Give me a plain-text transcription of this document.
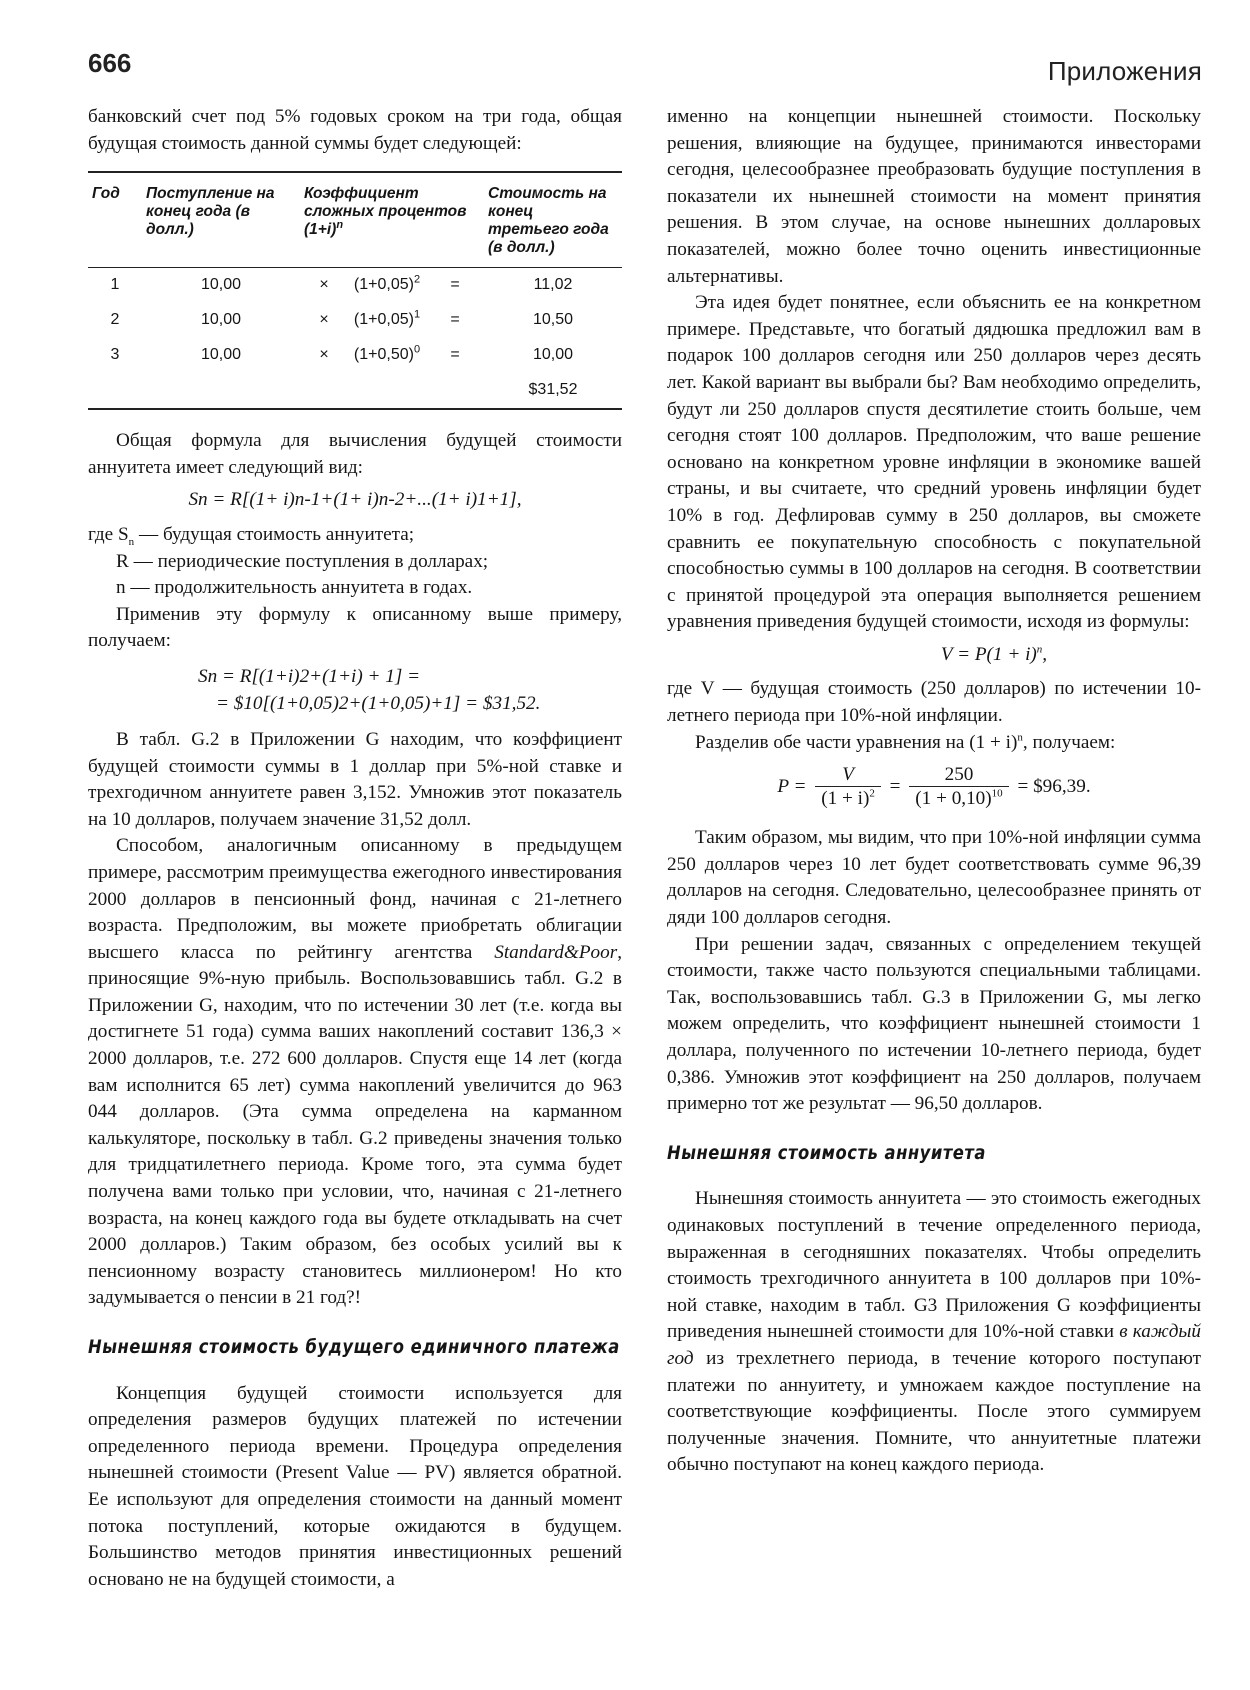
666	Приложения

банковский счет под 5% годовых сроком на три года, общая будущая стоимость данной суммы будет следующей:

Год	Поступление на конец года (в долл.)	Коэффициент сложных процентов $(1+i)^n$			Стоимость на конец третьего года (в долл.)
1	10,00	×	$(1+0,05)^2$	=	11,02
2	10,00	×	$(1+0,05)^1$	=	10,50
3	10,00	×	$(1+0,50)^0$	=	10,00
					$31,52

Общая формула для вычисления будущей стоимости аннуитета имеет следующий вид:

Sn = R[(1+ i)n-1+(1+ i)n-2+...(1+ i)1+1],

где $S_n$ — будущая стоимость аннуитета;

R — периодические поступления в долларах;

n — продолжительность аннуитета в годах.

Применив эту формулу к описанному выше примеру, получаем:

Sn = R[(1+i)2+(1+i) + 1] =
= $10[(1+0,05)2+(1+0,05)+1] = $31,52.

В табл. G.2 в Приложении G находим, что коэффициент будущей стоимости суммы в 1 доллар при 5%-ной ставке и трехгодичном аннуитете равен 3,152. Умножив этот показатель на 10 долларов, получаем значение 31,52 долл.

Способом, аналогичным описанному в предыдущем примере, рассмотрим преимущества ежегодного инвестирования 2000 долларов в пенсионный фонд, начиная с 21-летнего возраста. Предположим, вы можете приобретать облигации высшего класса по рейтингу агентства Standard&Poor, приносящие 9%-ную прибыль. Воспользовавшись табл. G.2 в Приложении G, находим, что по истечении 30 лет (т.е. когда вы достигнете 51 года) сумма ваших накоплений составит 136,3 × 2000 долларов, т.е. 272 600 долларов. Спустя еще 14 лет (когда вам исполнится 65 лет) сумма накоплений увеличится до 963 044 долларов. (Эта сумма определена на карманном калькуляторе, поскольку в табл. G.2 приведены значения только для тридцатилетнего периода. Кроме того, эта сумма будет получена вами только при условии, что, начиная с 21-летнего возраста, на конец каждого года вы будете откладывать на счет 2000 долларов.) Таким образом, без особых усилий вы к пенсионному возрасту становитесь миллионером! Но кто задумывается о пенсии в 21 год?!

Нынешняя стоимость будущего единичного платежа

Концепция будущей стоимости используется для определения размеров будущих платежей по истечении определенного периода времени. Процедура определения нынешней стоимости (Present Value — PV) является обратной. Ее используют для определения стоимости на данный момент потока поступлений, которые ожидаются в будущем. Большинство методов принятия инвестиционных решений основано не на будущей стоимости, а

именно на концепции нынешней стоимости. Поскольку решения, влияющие на будущее, принимаются инвесторами сегодня, целесообразнее преобразовать будущие поступления в показатели их нынешней стоимости на момент принятия решения. В этом случае, на основе нынешних долларовых показателей, можно более точно оценить инвестиционные альтернативы.

Эта идея будет понятнее, если объяснить ее на конкретном примере. Представьте, что богатый дядюшка предложил вам в подарок 100 долларов сегодня или 250 долларов через десять лет. Какой вариант вы выбрали бы? Вам необходимо определить, будут ли 250 долларов спустя десятилетие стоить больше, чем сегодня стоят 100 долларов. Предположим, что ваше решение основано на конкретном уровне инфляции в экономике вашей страны, и вы считаете, что средний уровень инфляции будет 10% в год. Дефлировав сумму в 250 долларов, вы сможете сравнить ее покупательную способность с покупательной способностью суммы в 100 долларов на сегодня. В соответствии с принятой процедурой эта операция выполняется решением уравнения приведения будущей стоимости, исходя из формулы:

$V = P(1 + i)^n$,

где V — будущая стоимость (250 долларов) по истечении 10-летнего периода при 10%-ной инфляции.

Разделив обе части уравнения на $(1 + i)^n$, получаем:

$P = \frac{V}{(1 + i)^2} = \frac{250}{(1 + 0,10)^{10}}$ = $96,39.

Таким образом, мы видим, что при 10%-ной инфляции сумма 250 долларов через 10 лет будет соответствовать сумме 96,39 долларов на сегодня. Следовательно, целесообразнее принять от дяди 100 долларов сегодня.

При решении задач, связанных с определением текущей стоимости, также часто пользуются специальными таблицами. Так, воспользовавшись табл. G.3 в Приложении G, мы легко можем определить, что коэффициент нынешней стоимости 1 доллара, полученного по истечении 10-летнего периода, будет 0,386. Умножив этот коэффициент на 250 долларов, получаем примерно тот же результат — 96,50 долларов.

Нынешняя стоимость аннуитета

Нынешняя стоимость аннуитета — это стоимость ежегодных одинаковых поступлений в течение определенного периода, выраженная в сегодняшних показателях. Чтобы определить стоимость трехгодичного аннуитета в 100 долларов при 10%-ной ставке, находим в табл. G3 Приложения G коэффициенты приведения нынешней стоимости для 10%-ной ставки в каждый год из трехлетнего периода, в течение которого поступают платежи по аннуитету, и умножаем каждое поступление на соответствующие коэффициенты. После этого суммируем полученные значения. Помните, что аннуитетные платежи обычно поступают на конец каждого периода.
